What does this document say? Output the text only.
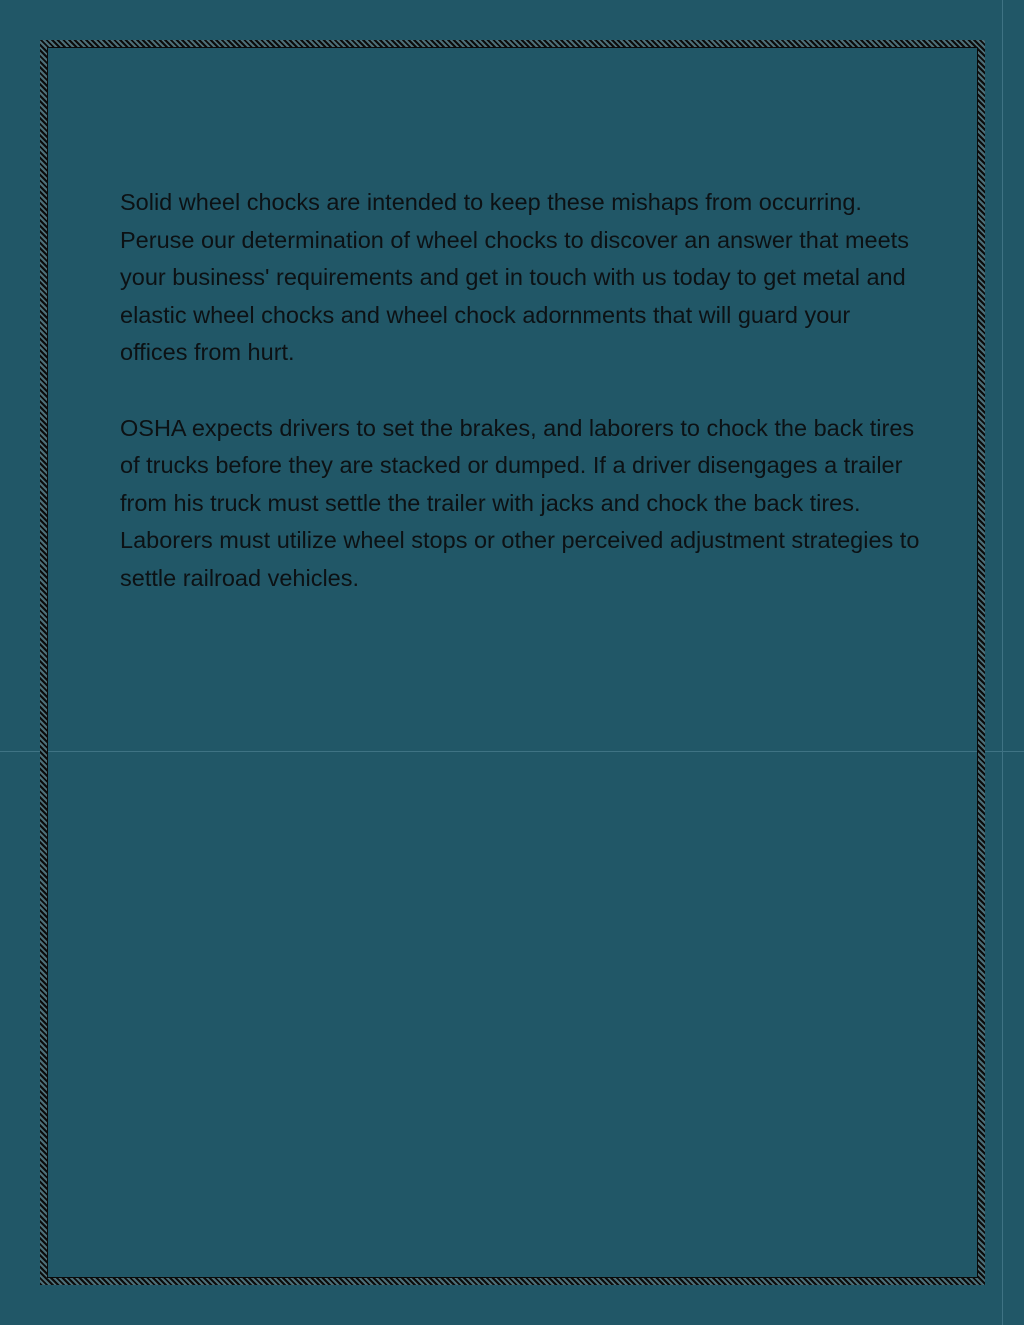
Solid wheel chocks are intended to keep these mishaps from occurring. Peruse our determination of wheel chocks to discover an answer that meets your business' requirements and get in touch with us today to get metal and elastic wheel chocks and wheel chock adornments that will guard your offices from hurt.

OSHA expects drivers to set the brakes, and laborers to chock the back tires of trucks before they are stacked or dumped. If a driver disengages a trailer from his truck must settle the trailer with jacks and chock the back tires. Laborers must utilize wheel stops or other perceived adjustment strategies to settle railroad vehicles.
